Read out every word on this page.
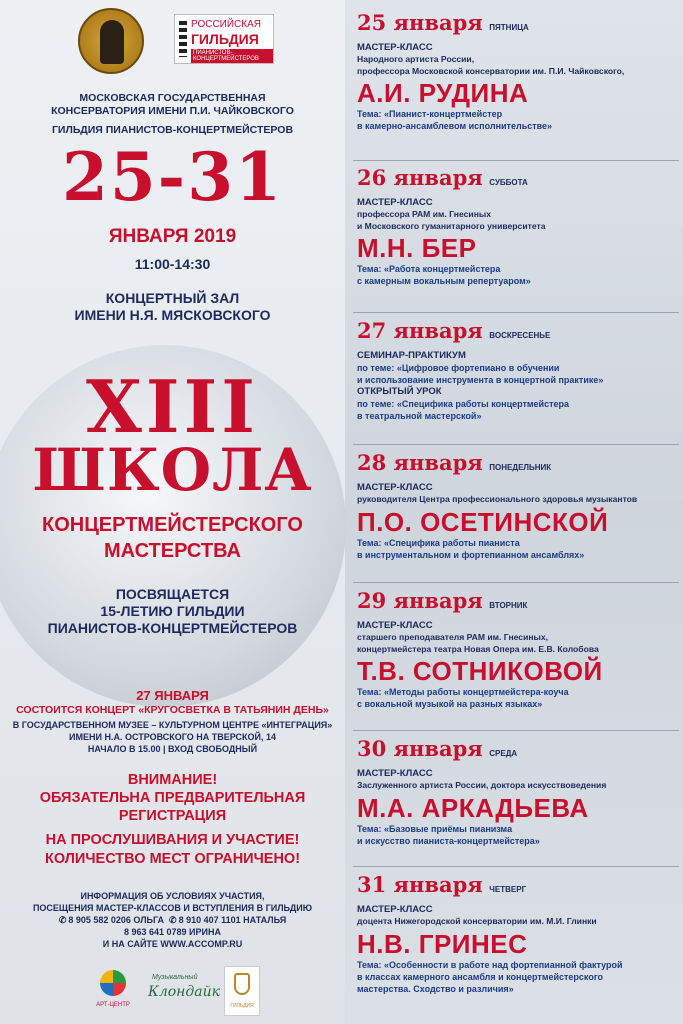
РОССИЙСКАЯ
ГИЛЬДИЯ
ПИАНИСТОВ-КОНЦЕРТМЕЙСТЕРОВ
МОСКОВСКАЯ ГОСУДАРСТВЕННАЯ
КОНСЕРВАТОРИЯ ИМЕНИ П.И. ЧАЙКОВСКОГО
ГИЛЬДИЯ ПИАНИСТОВ-КОНЦЕРТМЕЙСТЕРОВ
25-31
ЯНВАРЯ 2019
11:00-14:30
КОНЦЕРТНЫЙ ЗАЛ
ИМЕНИ Н.Я. МЯСКОВСКОГО
XIII
ШКОЛА
КОНЦЕРТМЕЙСТЕРСКОГО
МАСТЕРСТВА
ПОСВЯЩАЕТСЯ
15-ЛЕТИЮ ГИЛЬДИИ
ПИАНИСТОВ-КОНЦЕРТМЕЙСТЕРОВ
27 ЯНВАРЯ
СОСТОИТСЯ КОНЦЕРТ «КРУГОСВЕТКА В ТАТЬЯНИН ДЕНЬ»
В ГОСУДАРСТВЕННОМ МУЗЕЕ – КУЛЬТУРНОМ ЦЕНТРЕ «ИНТЕГРАЦИЯ»
ИМЕНИ Н.А. ОСТРОВСКОГО НА ТВЕРСКОЙ, 14
НАЧАЛО В 15.00 | ВХОД СВОБОДНЫЙ
ВНИМАНИЕ!
ОБЯЗАТЕЛЬНА ПРЕДВАРИТЕЛЬНАЯ
РЕГИСТРАЦИЯ
НА ПРОСЛУШИВАНИЯ И УЧАСТИЕ!
КОЛИЧЕСТВО МЕСТ ОГРАНИЧЕНО!
ИНФОРМАЦИЯ ОБ УСЛОВИЯХ УЧАСТИЯ,
ПОСЕЩЕНИЯ МАСТЕР-КЛАССОВ И ВСТУПЛЕНИЯ В ГИЛЬДИЮ
✆ 8 905 582 0206 ОЛЬГА ✆ 8 910 407 1101 НАТАЛЬЯ
8 963 641 0789 ИРИНА
И НА САЙТЕ WWW.ACCOMP.RU
АРТ-ЦЕНТР
Музыкальный
Клондайк
ГИЛЬДИЯ
25 января ПЯТНИЦА
МАСТЕР-КЛАСС
Народного артиста России,
профессора Московской консерватории им. П.И. Чайковского,
А.И. РУДИНА
Тема: «Пианист-концертмейстер
в камерно-ансамблевом исполнительстве»
26 января СУББОТА
МАСТЕР-КЛАСС
профессора РАМ им. Гнесиных
и Московского гуманитарного университета
М.Н. БЕР
Тема: «Работа концертмейстера
с камерным вокальным репертуаром»
27 января ВОСКРЕСЕНЬЕ
СЕМИНАР-ПРАКТИКУМ
по теме: «Цифровое фортепиано в обучении
и использование инструмента в концертной практике»
ОТКРЫТЫЙ УРОК
по теме: «Специфика работы концертмейстера
в театральной мастерской»
28 января ПОНЕДЕЛЬНИК
МАСТЕР-КЛАСС
руководителя Центра профессионального здоровья музыкантов
П.О. ОСЕТИНСКОЙ
Тема: «Специфика работы пианиста
в инструментальном и фортепианном ансамблях»
29 января ВТОРНИК
МАСТЕР-КЛАСС
старшего преподавателя РАМ им. Гнесиных,
концертмейстера театра Новая Опера им. Е.В. Колобова
Т.В. СОТНИКОВОЙ
Тема: «Методы работы концертмейстера-коуча
с вокальной музыкой на разных языках»
30 января СРЕДА
МАСТЕР-КЛАСС
Заслуженного артиста России, доктора искусствоведения
М.А. АРКАДЬЕВА
Тема: «Базовые приёмы пианизма
и искусство пианиста-концертмейстера»
31 января ЧЕТВЕРГ
МАСТЕР-КЛАСС
доцента Нижегородской консерватории им. М.И. Глинки
Н.В. ГРИНЕС
Тема: «Особенности в работе над фортепианной фактурой
в классах камерного ансамбля и концертмейстерского
мастерства. Сходство и различия»
